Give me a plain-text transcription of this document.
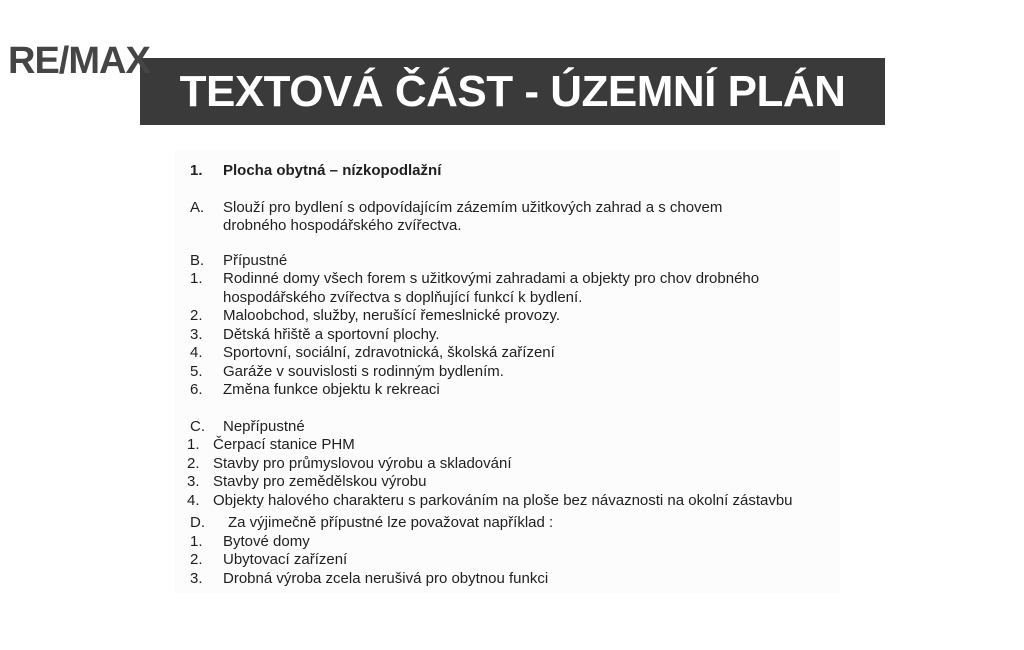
RE/MAX
TEXTOVÁ ČÁST - ÚZEMNÍ PLÁN
1.	Plocha obytná – nízkopodlažní
A.	Slouží pro bydlení s odpovídajícím zázemím užitkových zahrad a s chovem drobného hospodářského zvířectva.
B.	Přípustné
1.	Rodinné domy všech forem s užitkovými zahradami a objekty pro chov drobného hospodářského zvířectva s doplňující funkcí k bydlení.
2.	Maloobchod, služby, nerušící řemeslnické provozy.
3.	Dětská hřiště a sportovní plochy.
4.	Sportovní, sociální, zdravotnická, školská zařízení
5.	Garáže v souvislosti s rodinným bydlením.
6.	Změna funkce objektu k rekreaci
C.	Nepřípustné
1. Čerpací stanice PHM
2. Stavby pro průmyslovou výrobu a skladování
3. Stavby pro zemědělskou výrobu
4. Objekty halového charakteru s parkováním na ploše bez návaznosti na okolní zástavbu
D.	Za výjimečně přípustné lze považovat například :
1.	Bytové domy
2.	Ubytovací zařízení
3.	Drobná výroba zcela nerušivá pro obytnou funkci
